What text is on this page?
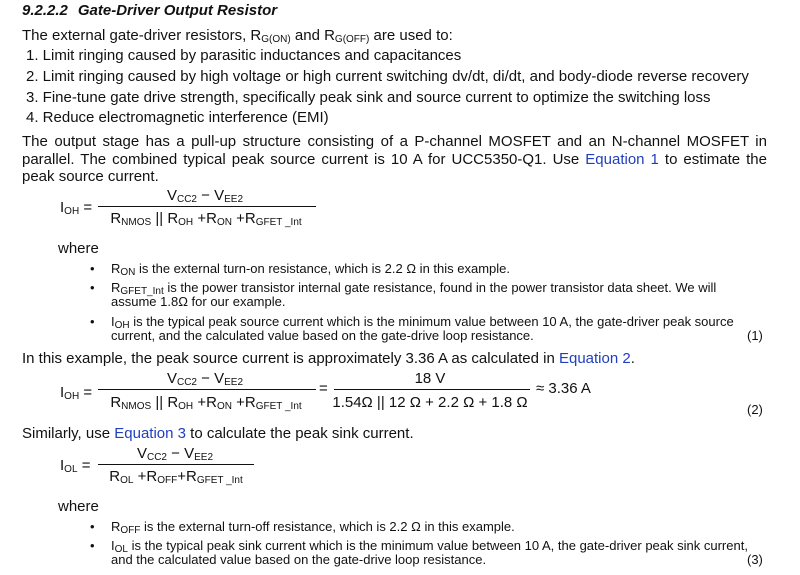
9.2.2.2 Gate-Driver Output Resistor
The external gate-driver resistors, $R_{G(ON)}$ and $R_{G(OFF)}$ are used to:
1. Limit ringing caused by parasitic inductances and capacitances
2. Limit ringing caused by high voltage or high current switching dv/dt, di/dt, and body-diode reverse recovery
3. Fine-tune gate drive strength, specifically peak sink and source current to optimize the switching loss
4. Reduce electromagnetic interference (EMI)
The output stage has a pull-up structure consisting of a P-channel MOSFET and an N-channel MOSFET in
parallel. The combined typical peak source current is 10 A for UCC5350-Q1. Use Equation 1 to estimate the
peak source current.
$I_{OH}$ =
$V_{CC2} - V_{EE2}$
$R_{NMOS}$ || $R_{OH} +R_{ON} +R_{GFET \_Int}$
where
• $R_{ON}$ is the external turn-on resistance, which is 2.2 Ω in this example.
• $R_{GFET\_Int}$ is the power transistor internal gate resistance, found in the power transistor data sheet. We will
assume 1.8Ω for our example.
• $I_{OH}$ is the typical peak source current which is the minimum value between 10 A, the gate-driver peak source
current, and the calculated value based on the gate-drive loop resistance.	(1)
In this example, the peak source current is approximately 3.36 A as calculated in Equation 2.
$I_{OH}$ =
$V_{CC2} - V_{EE2}$
$R_{NMOS}$ || $R_{OH} +R_{ON} +R_{GFET \_Int}$
=
18 V
1.54Ω || 12 Ω + 2.2 Ω + 1.8 Ω
≈ 3.36 A
(2)
Similarly, use Equation 3 to calculate the peak sink current.
$I_{OL}$ =
$V_{CC2} - V_{EE2}$
$R_{OL} +R_{OFF}+R_{GFET \_Int}$
where
• $R_{OFF}$ is the external turn-off resistance, which is 2.2 Ω in this example.
• $I_{OL}$ is the typical peak sink current which is the minimum value between 10 A, the gate-driver peak sink current,
and the calculated value based on the gate-drive loop resistance.	(3)
